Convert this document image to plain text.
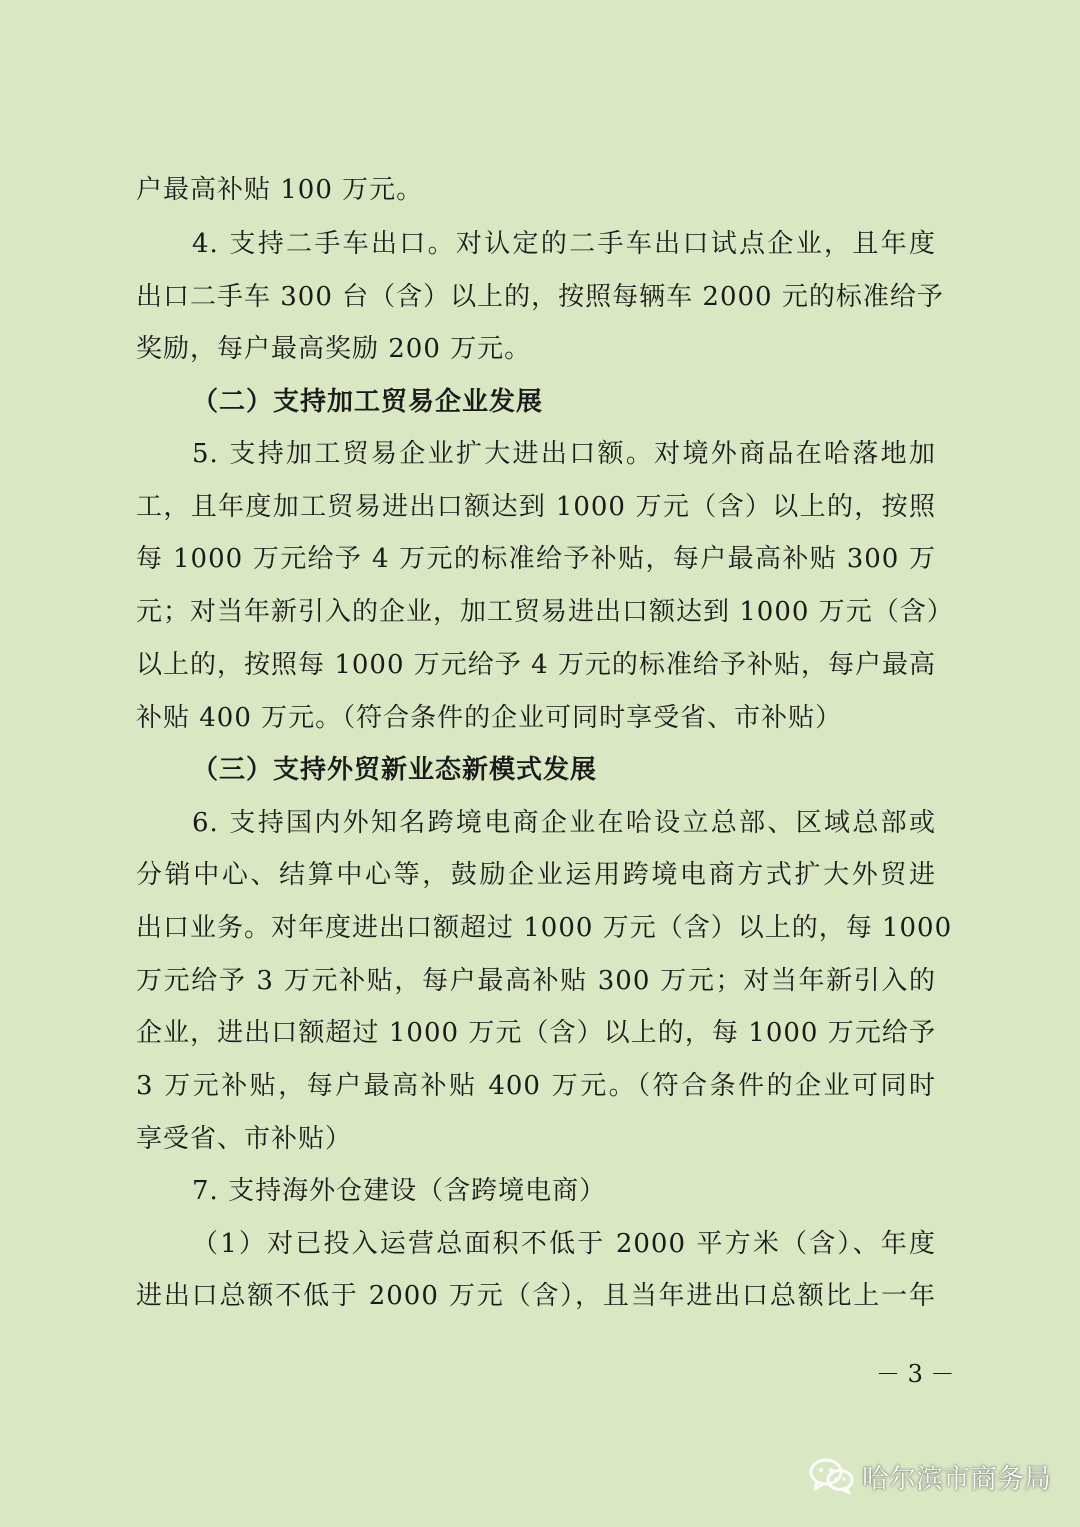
户最高补贴 100 万元。
4. 支持二手车出口。对认定的二手车出口试点企业，且年度
出口二手车 300 台（含）以上的，按照每辆车 2000 元的标准给予
奖励，每户最高奖励 200 万元。
（二）支持加工贸易企业发展
5. 支持加工贸易企业扩大进出口额。对境外商品在哈落地加
工，且年度加工贸易进出口额达到 1000 万元（含）以上的，按照
每 1000 万元给予 4 万元的标准给予补贴，每户最高补贴 300 万
元；对当年新引入的企业，加工贸易进出口额达到 1000 万元（含）
以上的，按照每 1000 万元给予 4 万元的标准给予补贴，每户最高
补贴 400 万元。（符合条件的企业可同时享受省、市补贴）
（三）支持外贸新业态新模式发展
6. 支持国内外知名跨境电商企业在哈设立总部、区域总部或
分销中心、结算中心等，鼓励企业运用跨境电商方式扩大外贸进
出口业务。对年度进出口额超过 1000 万元（含）以上的，每 1000
万元给予 3 万元补贴，每户最高补贴 300 万元；对当年新引入的
企业，进出口额超过 1000 万元（含）以上的，每 1000 万元给予
3 万元补贴，每户最高补贴 400 万元。（符合条件的企业可同时
享受省、市补贴）
7. 支持海外仓建设（含跨境电商）
（1）对已投入运营总面积不低于 2000 平方米（含）、年度
进出口总额不低于 2000 万元（含），且当年进出口总额比上一年
－ 3 －
哈尔滨市商务局
